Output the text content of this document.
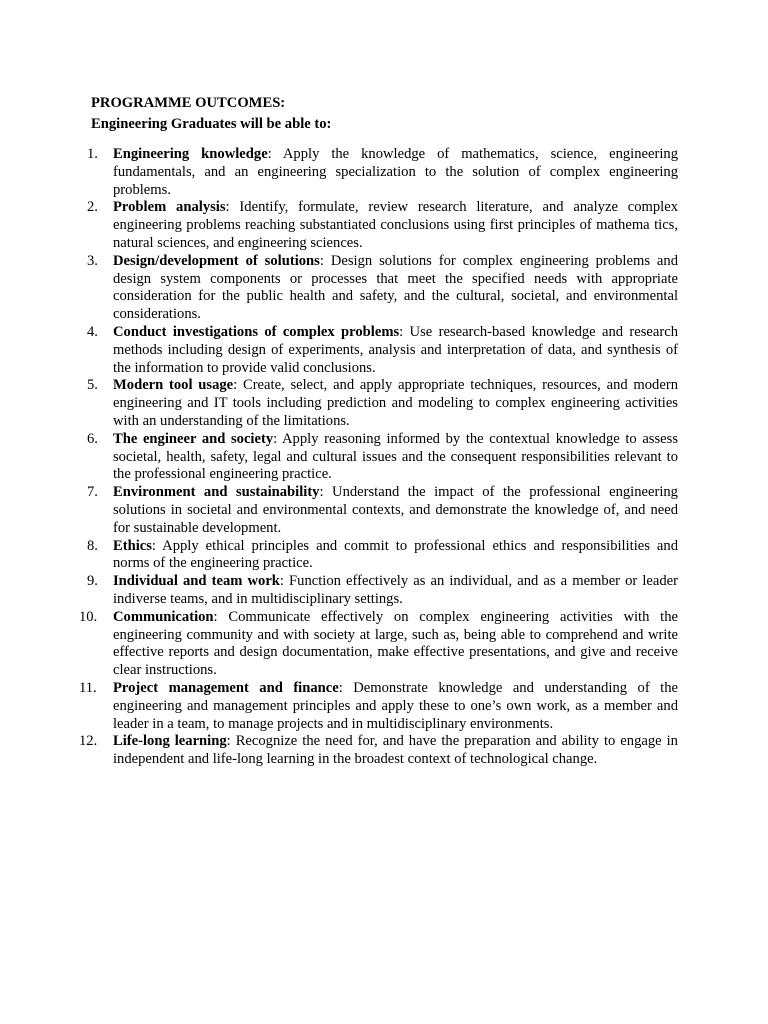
PROGRAMME OUTCOMES:
Engineering Graduates will be able to:
1.	Engineering knowledge: Apply the knowledge of mathematics, science, engineering fundamentals, and an engineering specialization to the solution of complex engineering problems.
2.	Problem analysis: Identify, formulate, review research literature, and analyze complex engineering problems reaching substantiated conclusions using first principles of mathema tics, natural sciences, and engineering sciences.
3.	Design/development of solutions: Design solutions for complex engineering problems and design system components or processes that meet the specified needs with appropriate consideration for the public health and safety, and the cultural, societal, and environmental considerations.
4.	Conduct investigations of complex problems: Use research-based knowledge and research methods including design of experiments, analysis and interpretation of data, and synthesis of the information to provide valid conclusions.
5.	Modern tool usage: Create, select, and apply appropriate techniques, resources, and modern engineering and IT tools including prediction and modeling to complex engineering activities with an understanding of the limitations.
6.	The engineer and society: Apply reasoning informed by the contextual knowledge to assess societal, health, safety, legal and cultural issues and the consequent responsibilities relevant to the professional engineering practice.
7.	Environment and sustainability: Understand the impact of the professional engineering solutions in societal and environmental contexts, and demonstrate the knowledge of, and need for sustainable development.
8.	Ethics: Apply ethical principles and commit to professional ethics and responsibilities and norms of the engineering practice.
9.	Individual and team work: Function effectively as an individual, and as a member or leader indiverse teams, and in multidisciplinary settings.
10. Communication: Communicate effectively on complex engineering activities with the engineering community and with society at large, such as, being able to comprehend and write effective reports and design documentation, make effective presentations, and give and receive clear instructions.
11. Project management and finance: Demonstrate knowledge and understanding of the engineering and management principles and apply these to one’s own work, as a member and leader in a team, to manage projects and in multidisciplinary environments.
12. Life-long learning: Recognize the need for, and have the preparation and ability to engage in independent and life-long learning in the broadest context of technological change.
